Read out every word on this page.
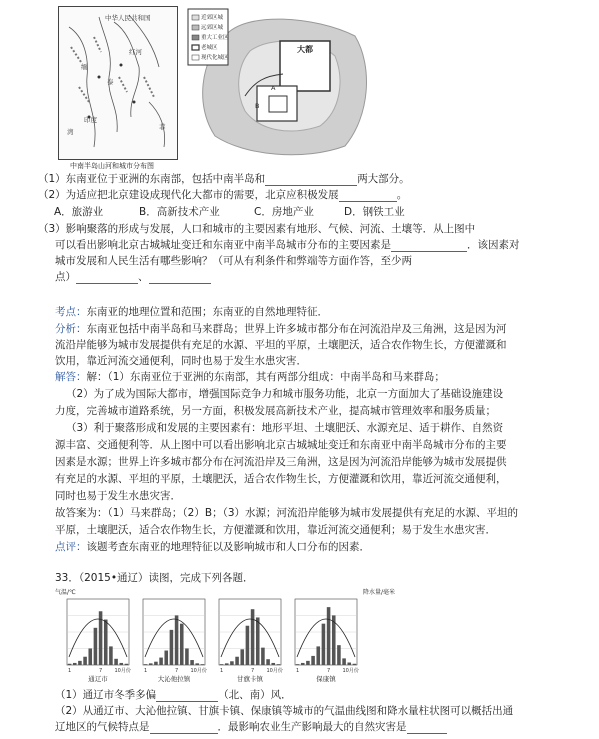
中华人民共和国
红河
泰
缅
印度
菲
湾
中南半岛山河和城市分布图
近郊区城
远郊区城
重大工业区
老城区
现代化城区
大都
A
B
（1）东南亚位于亚洲的东南部，包括中南半岛和	两大部分。
（2）为适应把北京建设成现代化大都市的需要，北京应积极发展	。
A．旅游业	B．高新技术产业	C．房地产业	D．钢铁工业
（3）影响聚落的形成与发展，人口和城市的主要因素有地形、气候、河流、土壤等．从上图中
可以看出影响北京古城城址变迁和东南亚中南半岛城市分布的主要因素是	．该因素对
城市发展和人民生活有哪些影响？（可从有利条件和弊端等方面作答，至少两
点）	、
考点：东南亚的地理位置和范围；东南亚的自然地理特征．
分析：东南亚包括中南半岛和马来群岛；世界上许多城市都分布在河流沿岸及三角洲，这是因为河
流沿岸能够为城市发展提供有充足的水源、平坦的平原，土壤肥沃，适合农作物生长，方便灌溉和
饮用，靠近河流交通便利，同时也易于发生水患灾害．
解答：解：（1）东南亚位于亚洲的东南部，其有两部分组成：中南半岛和马来群岛；
（2）为了成为国际大都市，增强国际竞争力和城市服务功能，北京一方面加大了基础设施建设
力度，完善城市道路系统，另一方面，积极发展高新技术产业，提高城市管理效率和服务质量；
（3）利于聚落形成和发展的主要因素有：地形平坦、土壤肥沃、水源充足、适于耕作、自然资
源丰富、交通便利等．从上图中可以看出影响北京古城城址变迁和东南亚中南半岛城市分布的主要
因素是水源；世界上许多城市都分布在河流沿岸及三角洲，这是因为河流沿岸能够为城市发展提供
有充足的水源、平坦的平原，土壤肥沃，适合农作物生长，方便灌溉和饮用，靠近河流交通便利，
同时也易于发生水患灾害．
故答案为：（1）马来群岛；（2）B；（3）水源；河流沿岸能够为城市发展提供有充足的水源、平坦的
平原，土壤肥沃，适合农作物生长，方便灌溉和饮用，靠近河流交通便利；易于发生水患灾害．
点评：该题考查东南亚的地理特征以及影响城市和人口分布的因素．
33．（2015•通辽）读图，完成下列各题．
气温/℃	降水量/毫米
1	7 10月份
通辽市
1	7 10月份
大沁他拉镇
1	7 10月份
甘旗卡镇
1	7 10月份
保康镇
（1）通辽市冬季多偏	（北、南）风．
（2）从通辽市、大沁他拉镇、甘旗卡镇、保康镇等城市的气温曲线图和降水量柱状图可以概括出通
辽地区的气候特点是	．最影响农业生产影响最大的自然灾害是
